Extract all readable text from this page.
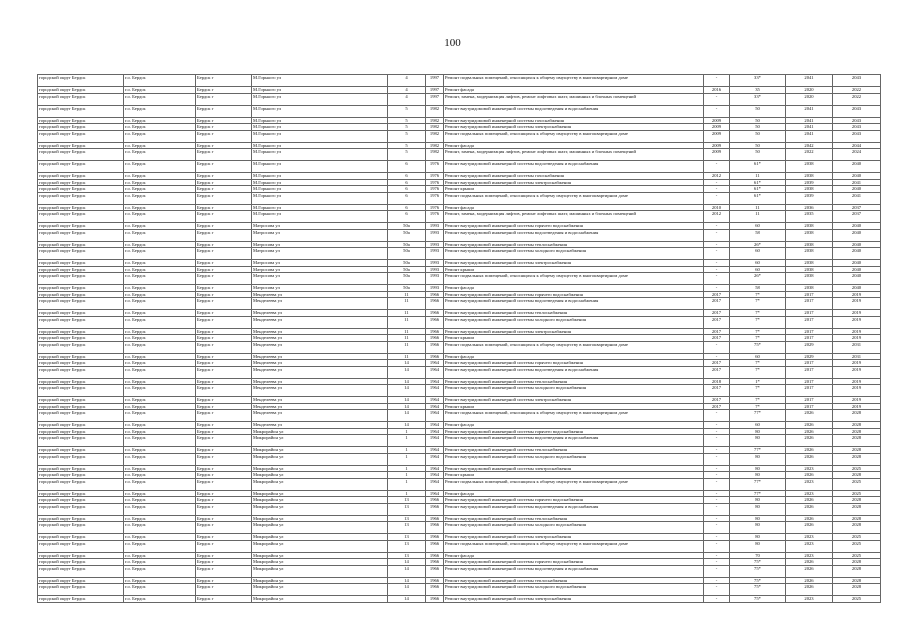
100
городской округ Бердск	г.о. Бердск	Бердск г	М.Горького ул	4	1997	Ремонт подвальных помещений, относящихся к общему имуществу в многоквартирном доме	-	33*	2041	2043
городской округ Бердск	г.о. Бердск	Бердск г	М.Горького ул	4	1997	Ремонт фасада	2016	35	2020	2022
городской округ Бердск	г.о. Бердск	Бердск г	М.Горького ул	4	1997	Ремонт, замена, модернизация лифтов, ремонт лифтовых шахт, машинных и блочных помещений	-	33*	2020	2022
городской округ Бердск	г.о. Бердск	Бердск г	М.Горького ул	5	1982	Ремонт внутридомовой инженерной системы водоотведения и водоснабжения	-	50	2041	2043
городской округ Бердск	г.о. Бердск	Бердск г	М.Горького ул	5	1982	Ремонт внутридомовой инженерной системы газоснабжения	2009	50	2041	2043
городской округ Бердск	г.о. Бердск	Бердск г	М.Горького ул	5	1982	Ремонт внутридомовой инженерной системы электроснабжения	2009	50	2041	2043
городской округ Бердск	г.о. Бердск	Бердск г	М.Горького ул	5	1982	Ремонт подвальных помещений, относящихся к общему имуществу в многоквартирном доме	2009	50	2041	2043
городской округ Бердск	г.о. Бердск	Бердск г	М.Горького ул	5	1982	Ремонт фасада	2009	50	2042	2044
городской округ Бердск	г.о. Бердск	Бердск г	М.Горького ул	5	1982	Ремонт, замена, модернизация лифтов, ремонт лифтовых шахт, машинных и блочных помещений	2009	50	2022	2024
городской округ Бердск	г.о. Бердск	Бердск г	М.Горького ул	6	1976	Ремонт внутридомовой инженерной системы водоотведения и водоснабжения	-	61*	2038	2040
городской округ Бердск	г.о. Бердск	Бердск г	М.Горького ул	6	1976	Ремонт внутридомовой инженерной системы газоснабжения	2012	11	2038	2040
городской округ Бердск	г.о. Бердск	Бердск г	М.Горького ул	6	1976	Ремонт внутридомовой инженерной системы электроснабжения	-	61*	2039	2041
городской округ Бердск	г.о. Бердск	Бердск г	М.Горького ул	6	1976	Ремонт крыши	-	61*	2038	2040
городской округ Бердск	г.о. Бердск	Бердск г	М.Горького ул	6	1976	Ремонт подвальных помещений, относящихся к общему имуществу в многоквартирном доме	-	61*	2039	2041
городской округ Бердск	г.о. Бердск	Бердск г	М.Горького ул	6	1976	Ремонт фасада	2010	11	2036	2037
городской округ Бердск	г.о. Бердск	Бердск г	М.Горького ул	6	1976	Ремонт, замена, модернизация лифтов, ремонт лифтовых шахт, машинных и блочных помещений	2012	11	2035	2037
городской округ Бердск	г.о. Бердск	Бердск г	Матросова ул	50а	1993	Ремонт внутридомовой инженерной системы горячего водоснабжения	-	60	2038	2040
городской округ Бердск	г.о. Бердск	Бердск г	Матросова ул	50а	1993	Ремонт внутридомовой инженерной системы водоотведения и водоснабжения	-	58	2038	2040
городской округ Бердск	г.о. Бердск	Бердск г	Матросова ул	50а	1993	Ремонт внутридомовой инженерной системы теплоснабжения	-	26*	2038	2040
городской округ Бердск	г.о. Бердск	Бердск г	Матросова ул	50а	1993	Ремонт внутридомовой инженерной системы холодного водоснабжения	-	60	2038	2040
городской округ Бердск	г.о. Бердск	Бердск г	Матросова ул	50а	1993	Ремонт внутридомовой инженерной системы электроснабжения	-	60	2038	2040
городской округ Бердск	г.о. Бердск	Бердск г	Матросова ул	50а	1993	Ремонт крыши	-	60	2038	2040
городской округ Бердск	г.о. Бердск	Бердск г	Матросова ул	50а	1993	Ремонт подвальных помещений, относящихся к общему имуществу в многоквартирном доме	-	26*	2038	2040
городской округ Бердск	г.о. Бердск	Бердск г	Матросова ул	50а	1993	Ремонт фасада	-	58	2038	2040
городской округ Бердск	г.о. Бердск	Бердск г	Менделеева ул	11	1966	Ремонт внутридомовой инженерной системы горячего водоснабжения	2017	7*	2017	2019
городской округ Бердск	г.о. Бердск	Бердск г	Менделеева ул	11	1966	Ремонт внутридомовой инженерной системы водоотведения и водоснабжения	2017	7*	2017	2019
городской округ Бердск	г.о. Бердск	Бердск г	Менделеева ул	11	1966	Ремонт внутридомовой инженерной системы теплоснабжения	2017	7*	2017	2019
городской округ Бердск	г.о. Бердск	Бердск г	Менделеева ул	11	1966	Ремонт внутридомовой инженерной системы холодного водоснабжения	2017	7*	2017	2019
городской округ Бердск	г.о. Бердск	Бердск г	Менделеева ул	11	1966	Ремонт внутридомовой инженерной системы электроснабжения	2017	7*	2017	2019
городской округ Бердск	г.о. Бердск	Бердск г	Менделеева ул	11	1966	Ремонт крыши	2017	7*	2017	2019
городской округ Бердск	г.о. Бердск	Бердск г	Менделеева ул	11	1966	Ремонт подвальных помещений, относящихся к общему имуществу в многоквартирном доме	-	75*	2029	2031
городской округ Бердск	г.о. Бердск	Бердск г	Менделеева ул	11	1966	Ремонт фасада	-	60	2029	2031
городской округ Бердск	г.о. Бердск	Бердск г	Менделеева ул	14	1964	Ремонт внутридомовой инженерной системы горячего водоснабжения	2017	7*	2017	2019
городской округ Бердск	г.о. Бердск	Бердск г	Менделеева ул	14	1964	Ремонт внутридомовой инженерной системы водоотведения и водоснабжения	2017	7*	2017	2019
городской округ Бердск	г.о. Бердск	Бердск г	Менделеева ул	14	1964	Ремонт внутридомовой инженерной системы теплоснабжения	2018	1*	2017	2019
городской округ Бердск	г.о. Бердск	Бердск г	Менделеева ул	14	1964	Ремонт внутридомовой инженерной системы холодного водоснабжения	2017	7*	2017	2019
городской округ Бердск	г.о. Бердск	Бердск г	Менделеева ул	14	1964	Ремонт внутридомовой инженерной системы электроснабжения	2017	7*	2017	2019
городской округ Бердск	г.о. Бердск	Бердск г	Менделеева ул	14	1964	Ремонт крыши	2017	7*	2017	2019
городской округ Бердск	г.о. Бердск	Бердск г	Менделеева ул	14	1964	Ремонт подвальных помещений, относящихся к общему имуществу в многоквартирном доме	-	77*	2026	2028
городской округ Бердск	г.о. Бердск	Бердск г	Менделеева ул	14	1964	Ремонт фасада	-	60	2026	2028
городской округ Бердск	г.о. Бердск	Бердск г	Микрорайон ул	1	1964	Ремонт внутридомовой инженерной системы горячего водоснабжения	-	80	2026	2028
городской округ Бердск	г.о. Бердск	Бердск г	Микрорайон ул	1	1964	Ремонт внутридомовой инженерной системы водоотведения и водоснабжения	-	80	2026	2028
городской округ Бердск	г.о. Бердск	Бердск г	Микрорайон ул	1	1964	Ремонт внутридомовой инженерной системы теплоснабжения	-	77*	2026	2028
городской округ Бердск	г.о. Бердск	Бердск г	Микрорайон ул	1	1964	Ремонт внутридомовой инженерной системы холодного водоснабжения	-	80	2026	2028
городской округ Бердск	г.о. Бердск	Бердск г	Микрорайон ул	1	1964	Ремонт внутридомовой инженерной системы электроснабжения	-	80	2023	2025
городской округ Бердск	г.о. Бердск	Бердск г	Микрорайон ул	1	1964	Ремонт крыши	-	80	2026	2028
городской округ Бердск	г.о. Бердск	Бердск г	Микрорайон ул	1	1964	Ремонт подвальных помещений, относящихся к общему имуществу в многоквартирном доме	-	77*	2023	2025
городской округ Бердск	г.о. Бердск	Бердск г	Микрорайон ул	1	1964	Ремонт фасада	-	77*	2023	2025
городской округ Бердск	г.о. Бердск	Бердск г	Микрорайон ул	13	1966	Ремонт внутридомовой инженерной системы горячего водоснабжения	-	80	2026	2028
городской округ Бердск	г.о. Бердск	Бердск г	Микрорайон ул	13	1966	Ремонт внутридомовой инженерной системы водоотведения и водоснабжения	-	80	2026	2028
городской округ Бердск	г.о. Бердск	Бердск г	Микрорайон ул	13	1966	Ремонт внутридомовой инженерной системы теплоснабжения	-	80	2026	2028
городской округ Бердск	г.о. Бердск	Бердск г	Микрорайон ул	13	1966	Ремонт внутридомовой инженерной системы холодного водоснабжения	-	80	2026	2028
городской округ Бердск	г.о. Бердск	Бердск г	Микрорайон ул	13	1966	Ремонт внутридомовой инженерной системы электроснабжения	-	80	2023	2025
городской округ Бердск	г.о. Бердск	Бердск г	Микрорайон ул	13	1966	Ремонт подвальных помещений, относящихся к общему имуществу в многоквартирном доме	-	80	2023	2025
городской округ Бердск	г.о. Бердск	Бердск г	Микрорайон ул	13	1966	Ремонт фасада	-	70	2023	2025
городской округ Бердск	г.о. Бердск	Бердск г	Микрорайон ул	14	1966	Ремонт внутридомовой инженерной системы горячего водоснабжения	-	75*	2026	2028
городской округ Бердск	г.о. Бердск	Бердск г	Микрорайон ул	14	1966	Ремонт внутридомовой инженерной системы водоотведения и водоснабжения	-	75*	2026	2028
городской округ Бердск	г.о. Бердск	Бердск г	Микрорайон ул	14	1966	Ремонт внутридомовой инженерной системы теплоснабжения	-	75*	2026	2028
городской округ Бердск	г.о. Бердск	Бердск г	Микрорайон ул	14	1966	Ремонт внутридомовой инженерной системы холодного водоснабжения	-	75*	2026	2028
городской округ Бердск	г.о. Бердск	Бердск г	Микрорайон ул	14	1966	Ремонт внутридомовой инженерной системы электроснабжения	-	75*	2023	2025
